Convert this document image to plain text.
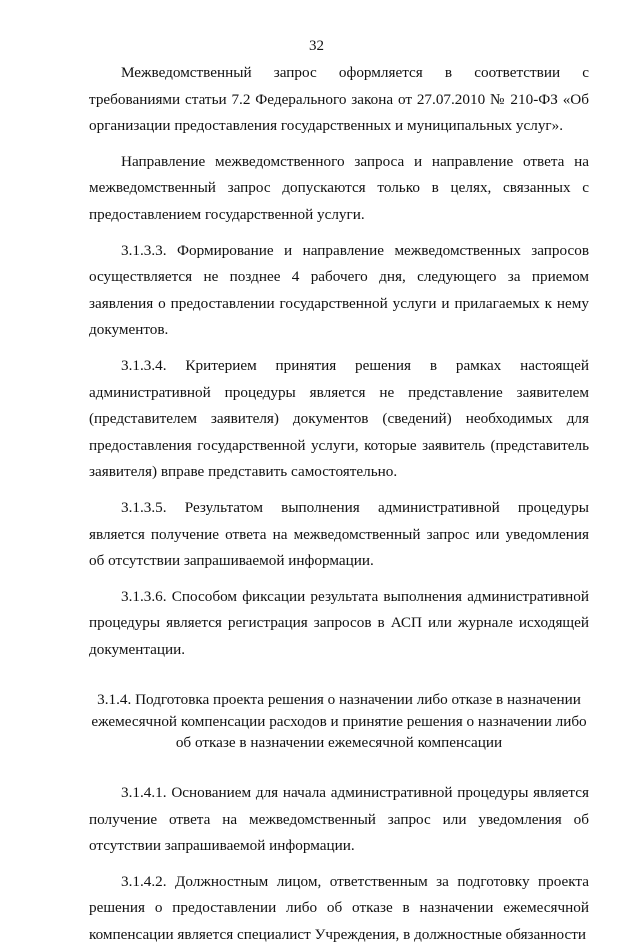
32

Межведомственный запрос оформляется в соответствии с требованиями статьи 7.2 Федерального закона от 27.07.2010 № 210-ФЗ «Об организации предоставления государственных и муниципальных услуг».

Направление межведомственного запроса и направление ответа на межведомственный запрос допускаются только в целях, связанных с предоставлением государственной услуги.

3.1.3.3. Формирование и направление межведомственных запросов осуществляется не позднее 4 рабочего дня, следующего за приемом заявления о предоставлении государственной услуги и прилагаемых к нему документов.

3.1.3.4. Критерием принятия решения в рамках настоящей административной процедуры является не представление заявителем (представителем заявителя) документов (сведений) необходимых для предоставления государственной услуги, которые заявитель (представитель заявителя) вправе представить самостоятельно.

3.1.3.5. Результатом выполнения административной процедуры является получение ответа на межведомственный запрос или уведомления об отсутствии запрашиваемой информации.

3.1.3.6. Способом фиксации результата выполнения административной процедуры является регистрация запросов в АСП или журнале исходящей документации.

3.1.4. Подготовка проекта решения о назначении либо отказе в назначении ежемесячной компенсации расходов и принятие решения о назначении либо об отказе в назначении ежемесячной компенсации

3.1.4.1. Основанием для начала административной процедуры является получение ответа на межведомственный запрос или уведомления об отсутствии запрашиваемой информации.

3.1.4.2. Должностным лицом, ответственным за подготовку проекта решения о предоставлении либо об отказе в назначении ежемесячной компенсации является специалист Учреждения, в должностные обязанности
